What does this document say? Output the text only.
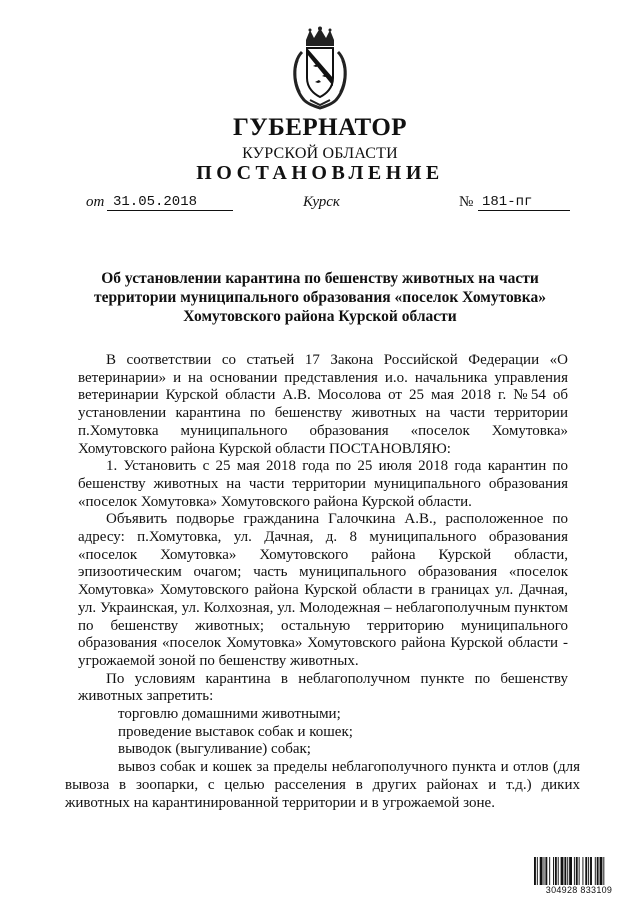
ГУБЕРНАТОР
КУРСКОЙ ОБЛАСТИ
ПОСТАНОВЛЕНИЕ
от 31.05.2018	Курск	№ 181-пг
Об установлении карантина по бешенству животных на части
территории муниципального образования «поселок Хомутовка»
Хомутовского района Курской области

В соответствии со статьей 17 Закона Российской Федерации «О ветеринарии» и на основании представления и.о. начальника управления ветеринарии Курской области А.В. Мосолова от 25 мая 2018 г. №54 об установлении карантина по бешенству животных на части территории п.Хомутовка муниципального образования «поселок Хомутовка» Хомутовского района Курской области ПОСТАНОВЛЯЮ:

1. Установить с 25 мая 2018 года по 25 июля 2018 года карантин по бешенству животных на части территории муниципального образования «поселок Хомутовка» Хомутовского района Курской области.

Объявить подворье гражданина Галочкина А.В., расположенное по адресу: п.Хомутовка, ул. Дачная, д. 8 муниципального образования «поселок Хомутовка» Хомутовского района Курской области, эпизоотическим очагом; часть муниципального образования «поселок Хомутовка» Хомутовского района Курской области в границах ул. Дачная, ул. Украинская, ул. Колхозная, ул. Молодежная – неблагополучным пунктом по бешенству животных; остальную территорию муниципального образования «поселок Хомутовка» Хомутовского района Курской области - угрожаемой зоной по бешенству животных.

По условиям карантина в неблагополучном пункте по бешенству животных запретить:

торговлю домашними животными;

проведение выставок собак и кошек;

выводок (выгуливание) собак;

вывоз собак и кошек за пределы неблагополучного пункта и отлов (для вывоза в зоопарки, с целью расселения в других районах и т.д.) диких животных на карантинированной территории и в угрожаемой зоне.

304928 833109
